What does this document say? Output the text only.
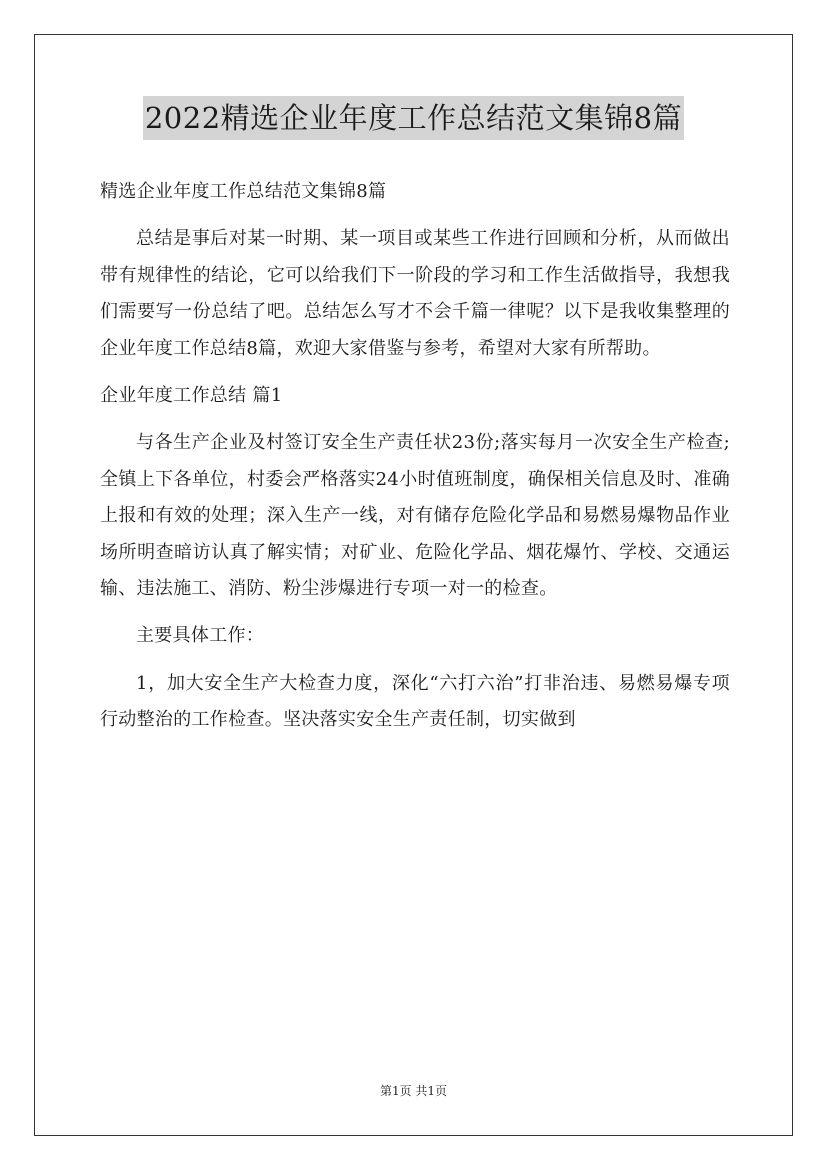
2022精选企业年度工作总结范文集锦8篇

精选企业年度工作总结范文集锦8篇

总结是事后对某一时期、某一项目或某些工作进行回顾和分析，从而做出带有规律性的结论，它可以给我们下一阶段的学习和工作生活做指导，我想我们需要写一份总结了吧。总结怎么写才不会千篇一律呢？以下是我收集整理的企业年度工作总结8篇，欢迎大家借鉴与参考，希望对大家有所帮助。

企业年度工作总结 篇1

与各生产企业及村签订安全生产责任状23份;落实每月一次安全生产检查;全镇上下各单位，村委会严格落实24小时值班制度，确保相关信息及时、准确上报和有效的处理；深入生产一线，对有储存危险化学品和易燃易爆物品作业场所明查暗访认真了解实情；对矿业、危险化学品、烟花爆竹、学校、交通运输、违法施工、消防、粉尘涉爆进行专项一对一的检查。

主要具体工作：

1，加大安全生产大检查力度，深化“六打六治”打非治违、易燃易爆专项行动整治的工作检查。坚决落实安全生产责任制，切实做到

第1页 共1页
